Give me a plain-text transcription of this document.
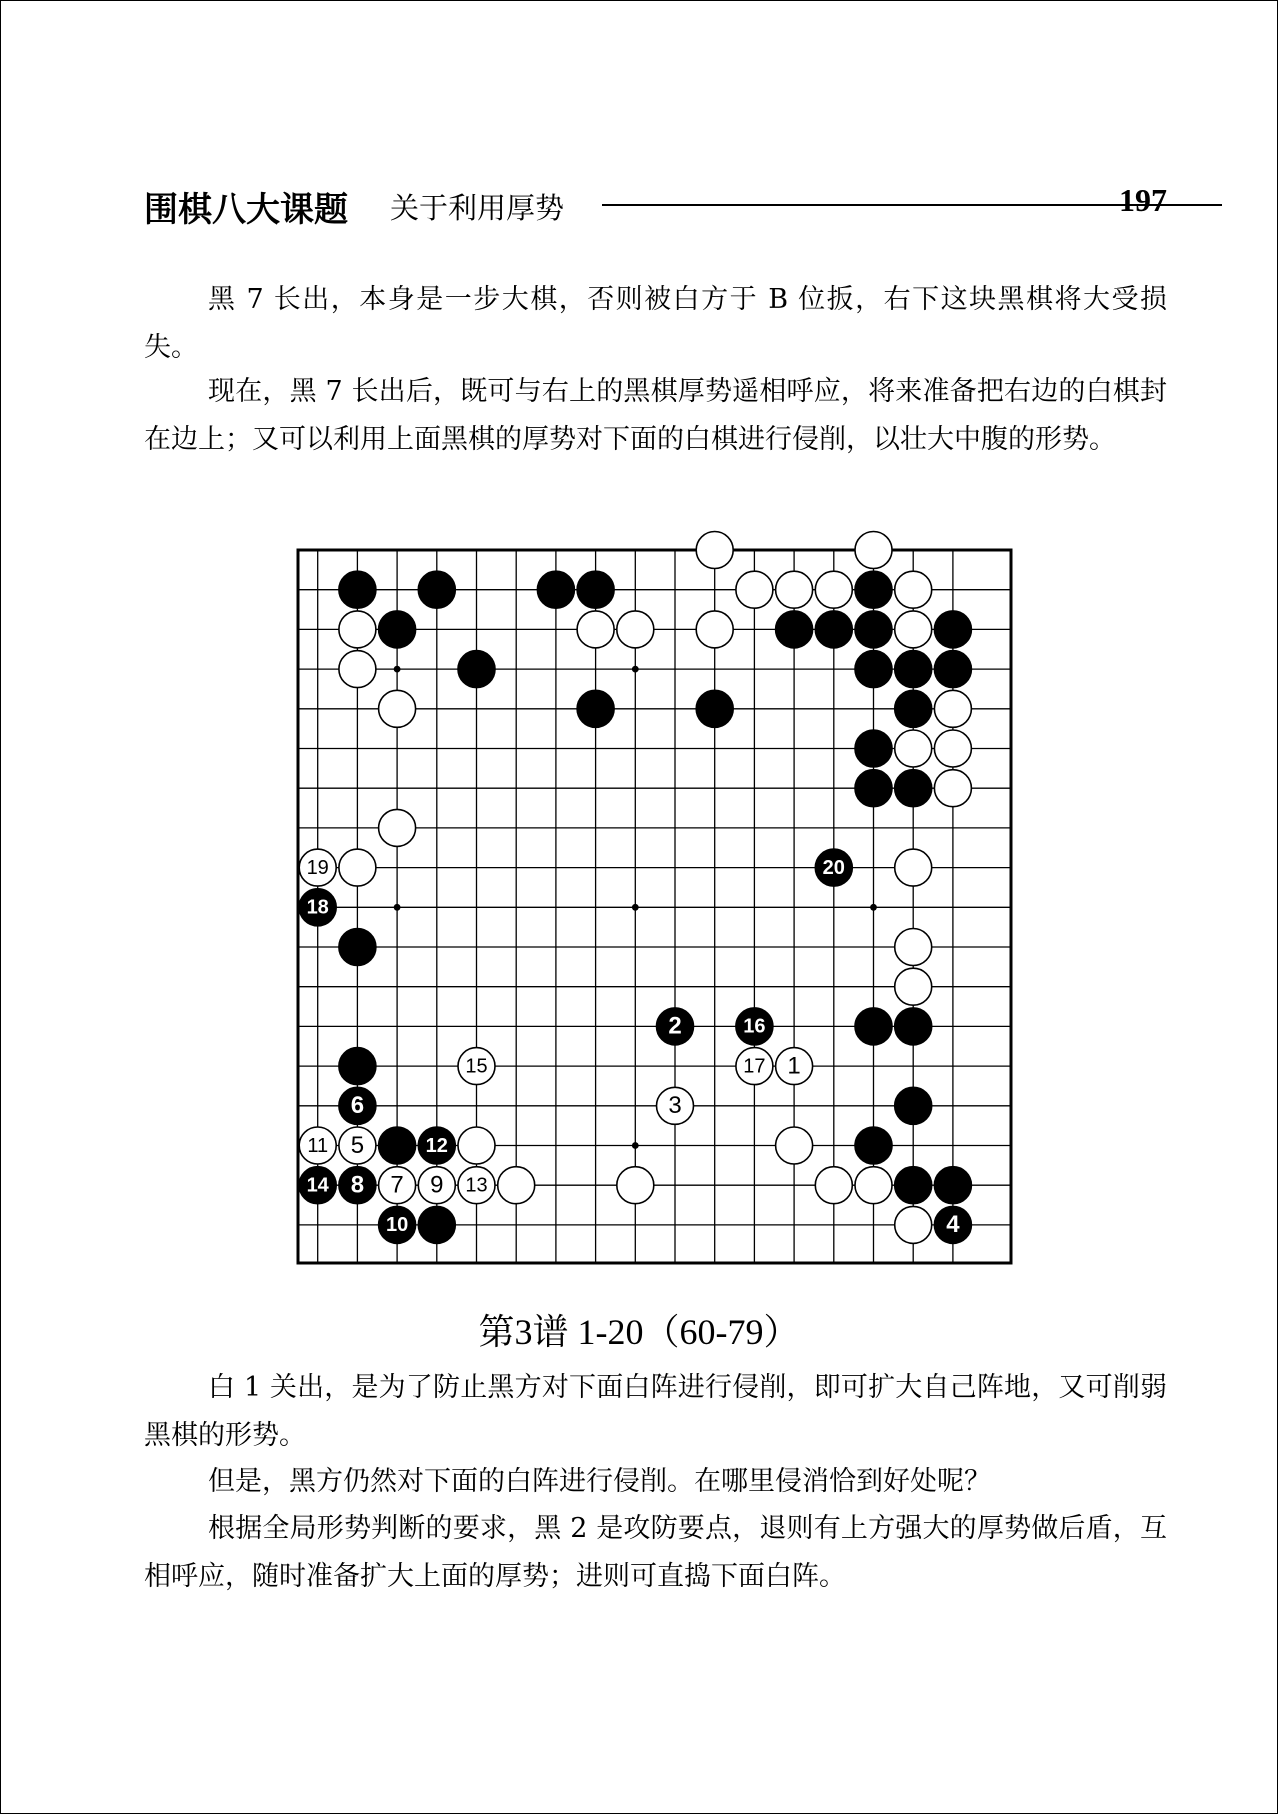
围棋八大课题 关于利用厚势	197

黑 7 长出，本身是一步大棋，否则被白方于 B 位扳，右下这块黑棋将大受损失。

现在，黑 7 长出后，既可与右上的黑棋厚势遥相呼应，将来准备把右边的白棋封在边上；又可以利用上面黑棋的厚势对下面的白棋进行侵削，以壮大中腹的形势。

19	20
18
2	16
15	17 1
6	3
11 5	12
14 8 7 9 13
10	4
第3谱 1-20（60-79）

白 1 关出，是为了防止黑方对下面白阵进行侵削，即可扩大自己阵地，又可削弱黑棋的形势。

但是，黑方仍然对下面的白阵进行侵削。在哪里侵消恰到好处呢？

根据全局形势判断的要求，黑 2 是攻防要点，退则有上方强大的厚势做后盾，互相呼应，随时准备扩大上面的厚势；进则可直捣下面白阵。
